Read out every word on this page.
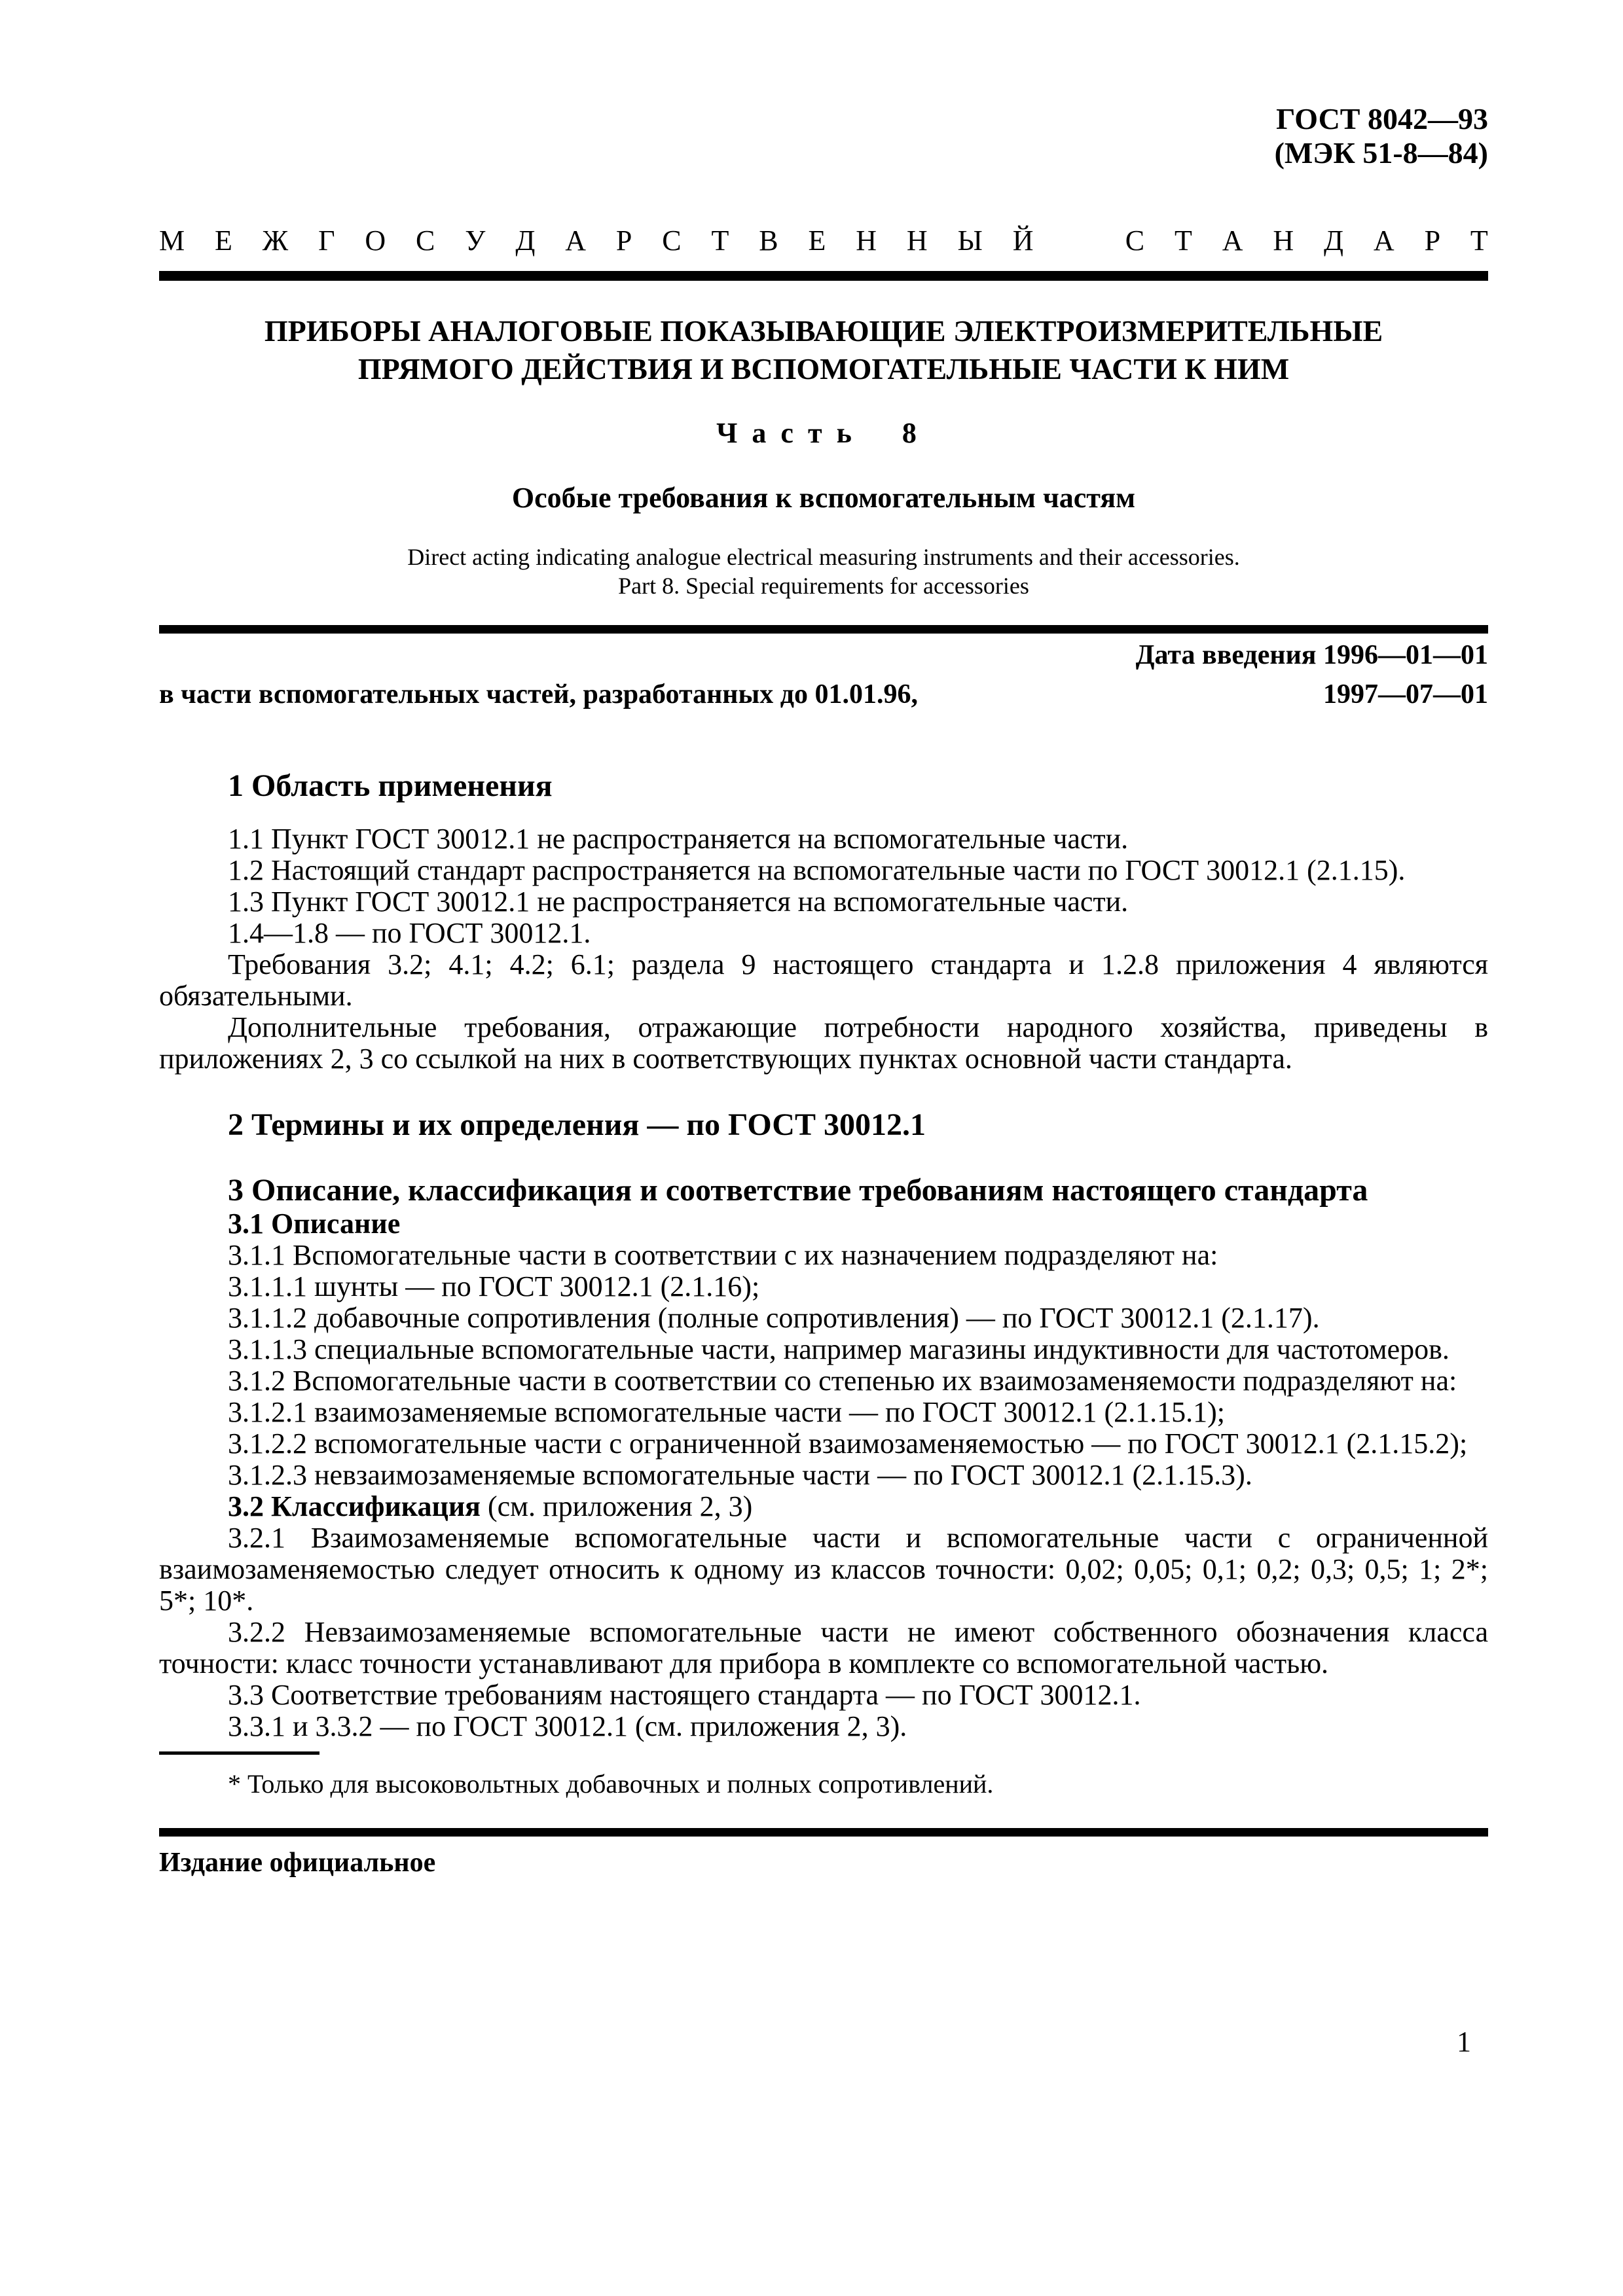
ГОСТ 8042—93
(МЭК 51-8—84)
М Е Ж Г О С У Д А Р С Т В Е Н Н Ы Й
	С Т А Н Д А Р Т
ПРИБОРЫ АНАЛОГОВЫЕ ПОКАЗЫВАЮЩИЕ ЭЛЕКТРОИЗМЕРИТЕЛЬНЫЕ
ПРЯМОГО ДЕЙСТВИЯ И ВСПОМОГАТЕЛЬНЫЕ ЧАСТИ К НИМ
Часть 8
Особые требования к вспомогательным частям
Direct acting indicating analogue electrical measuring instruments and their accessories.
Part 8. Special requirements for accessories
Дата введения 1996—01—01
в части вспомогательных частей, разработанных до 01.01.96,	1997—07—01
1 Область применения

1.1 Пункт ГОСТ 30012.1 не распространяется на вспомогательные части.

1.2 Настоящий стандарт распространяется на вспомогательные части по ГОСТ 30012.1 (2.1.15).

1.3 Пункт ГОСТ 30012.1 не распространяется на вспомогательные части.

1.4—1.8 — по ГОСТ 30012.1.

Требования 3.2; 4.1; 4.2; 6.1; раздела 9 настоящего стандарта и 1.2.8 приложения 4 являются обязательными.

Дополнительные требования, отражающие потребности народного хозяйства, приведены в приложениях 2, 3 со ссылкой на них в соответствующих пунктах основной части стандарта.

2 Термины и их определения — по ГОСТ 30012.1
3 Описание, классификация и соответствие требованиям настоящего стандарта

3.1 Описание

3.1.1 Вспомогательные части в соответствии с их назначением подразделяют на:

3.1.1.1 шунты — по ГОСТ 30012.1 (2.1.16);

3.1.1.2 добавочные сопротивления (полные сопротивления) — по ГОСТ 30012.1 (2.1.17).

3.1.1.3 специальные вспомогательные части, например магазины индуктивности для частотомеров.

3.1.2 Вспомогательные части в соответствии со степенью их взаимозаменяемости подразделяют на:

3.1.2.1 взаимозаменяемые вспомогательные части — по ГОСТ 30012.1 (2.1.15.1);

3.1.2.2 вспомогательные части с ограниченной взаимозаменяемостью — по ГОСТ 30012.1 (2.1.15.2);

3.1.2.3 невзаимозаменяемые вспомогательные части — по ГОСТ 30012.1 (2.1.15.3).

3.2 Классификация (см. приложения 2, 3)

3.2.1 Взаимозаменяемые вспомогательные части и вспомогательные части с ограниченной взаимозаменяемостью следует относить к одному из классов точности: 0,02; 0,05; 0,1; 0,2; 0,3; 0,5; 1; 2*; 5*; 10*.

3.2.2 Невзаимозаменяемые вспомогательные части не имеют собственного обозначения класса точности: класс точности устанавливают для прибора в комплекте со вспомогательной частью.

3.3 Соответствие требованиям настоящего стандарта — по ГОСТ 30012.1.

3.3.1 и 3.3.2 — по ГОСТ 30012.1 (см. приложения 2, 3).

* Только для высоковольтных добавочных и полных сопротивлений.

Издание официальное
1
